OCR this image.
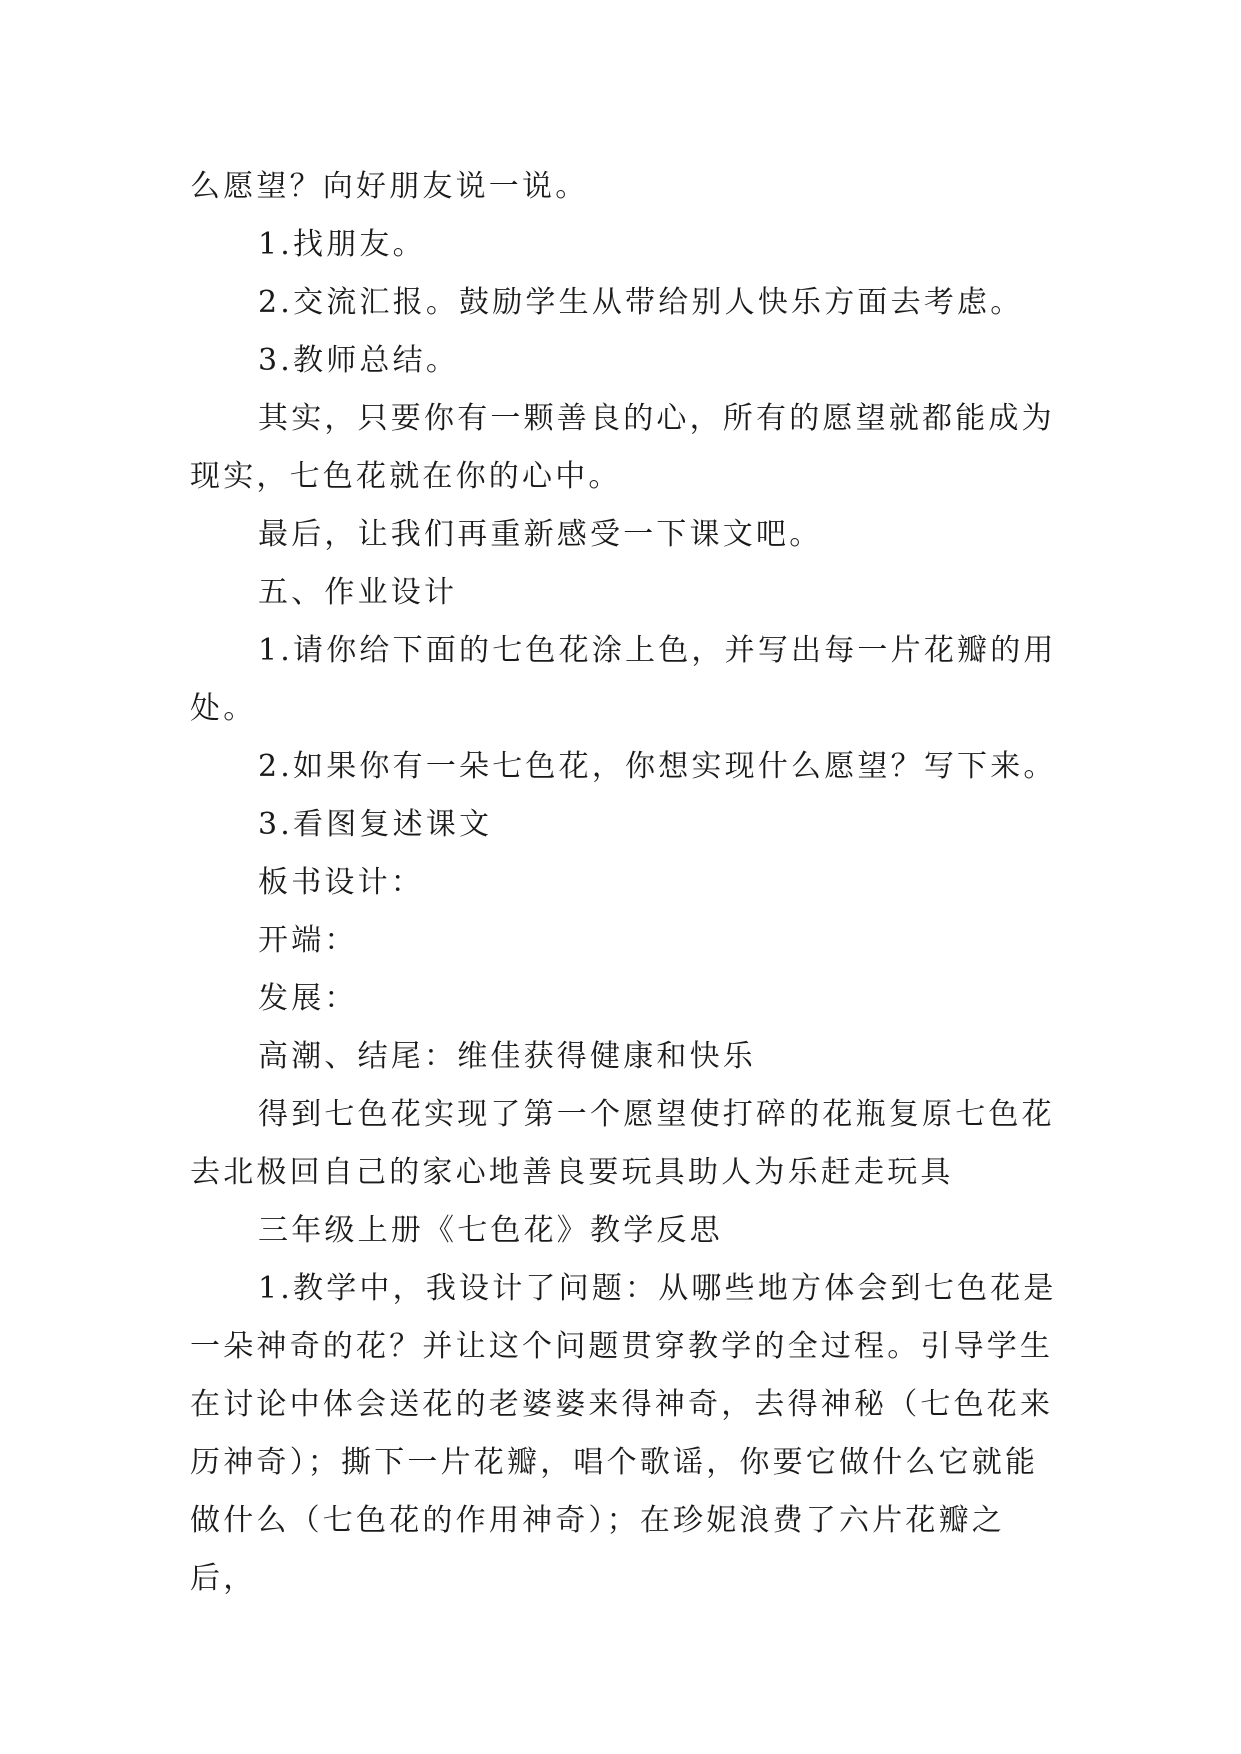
么愿望？向好朋友说一说。

1.找朋友。

2.交流汇报。鼓励学生从带给别人快乐方面去考虑。

3.教师总结。

其实，只要你有一颗善良的心，所有的愿望就都能成为现实，七色花就在你的心中。

最后，让我们再重新感受一下课文吧。

五、作业设计

1.请你给下面的七色花涂上色，并写出每一片花瓣的用处。

2.如果你有一朵七色花，你想实现什么愿望？写下来。

3.看图复述课文

板书设计：

开端：

发展：

高潮、结尾：维佳获得健康和快乐

得到七色花实现了第一个愿望使打碎的花瓶复原七色花去北极回自己的家心地善良要玩具助人为乐赶走玩具

三年级上册《七色花》教学反思

1.教学中，我设计了问题：从哪些地方体会到七色花是一朵神奇的花？并让这个问题贯穿教学的全过程。引导学生在讨论中体会送花的老婆婆来得神奇，去得神秘（七色花来历神奇）；撕下一片花瓣，唱个歌谣，你要它做什么它就能做什么（七色花的作用神奇）；在珍妮浪费了六片花瓣之后，
